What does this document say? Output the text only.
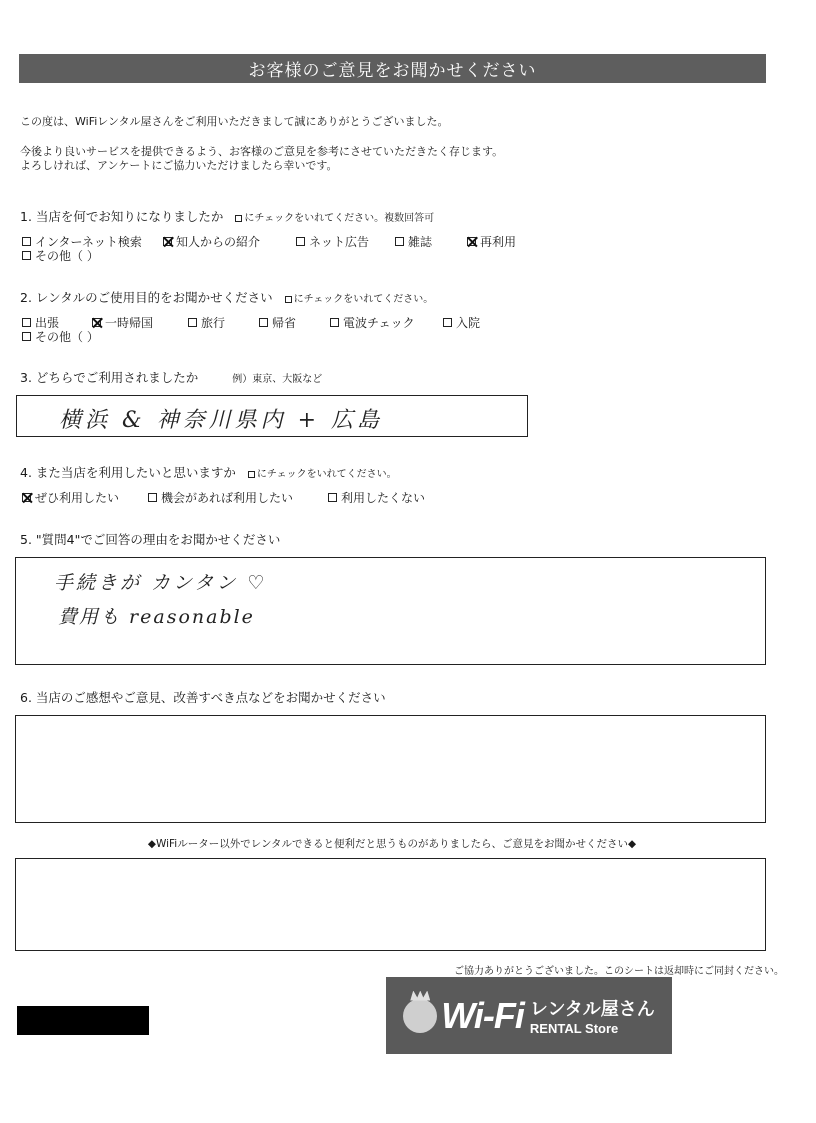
お客様のご意見をお聞かせください
この度は、WiFiレンタル屋さんをご利用いただきまして誠にありがとうございました。
今後より良いサービスを提供できるよう、お客様のご意見を参考にさせていただきたく存じます。
よろしければ、アンケートにご協力いただけましたら幸いです。
1. 当店を何でお知りになりましたか にチェックをいれてください。複数回答可
インターネット検索	知人からの紹介	ネット広告	雑誌	再利用
その他（ ）
2. レンタルのご使用目的をお聞かせください にチェックをいれてください。
出張	一時帰国	旅行	帰省	電波チェック	入院
その他（ ）
3. どちらでご利用されましたか	例）東京、大阪など
横浜 & 神奈川県内 + 広島
4. また当店を利用したいと思いますか にチェックをいれてください。
ぜひ利用したい	機会があれば利用したい	利用したくない
5. "質問4"でご回答の理由をお聞かせください
手続きが カンタン ♡
費用も reasonable
6. 当店のご感想やご意見、改善すべき点などをお聞かせください
◆WiFiルーター以外でレンタルできると便利だと思うものがありましたら、ご意見をお聞かせください◆
ご協力ありがとうございました。このシートは返却時にご同封ください。
Wi-Fi レンタル屋さん
RENTAL Store
